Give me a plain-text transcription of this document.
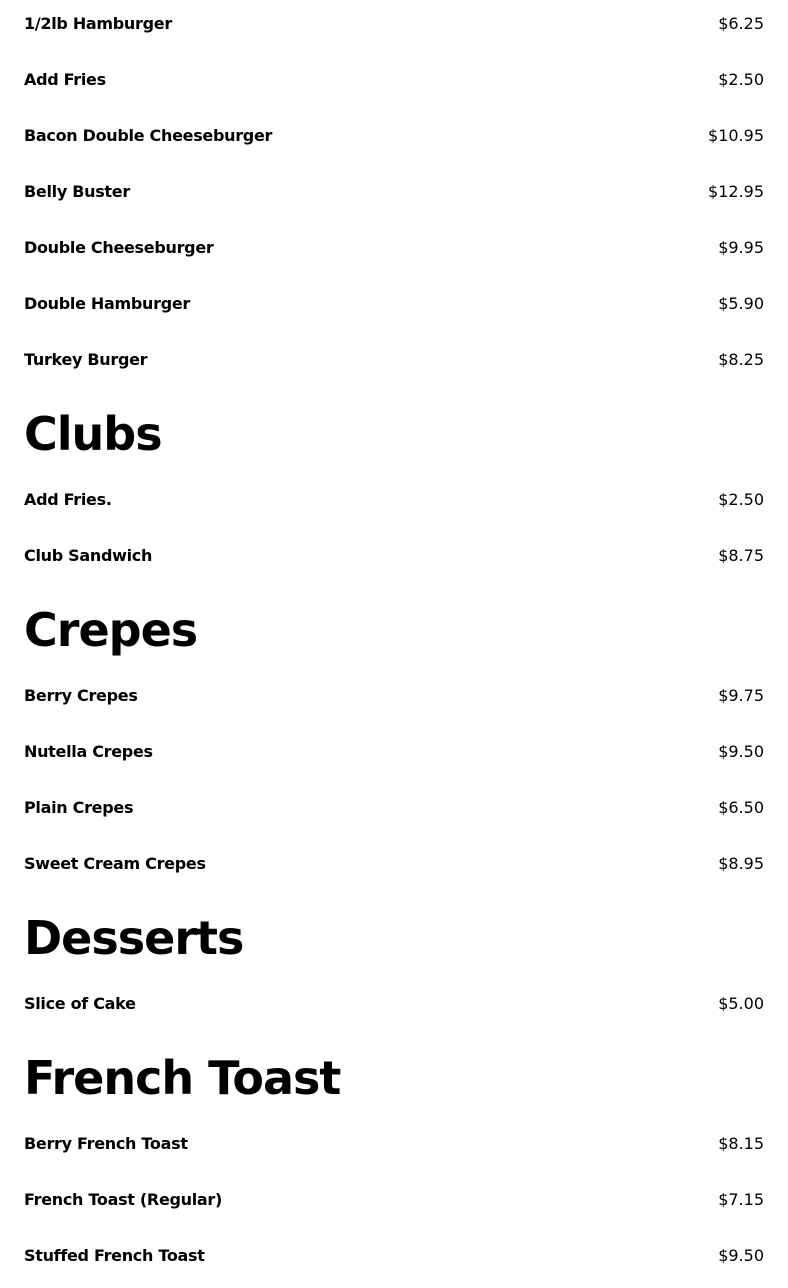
1/2lb Hamburger	$6.25
Add Fries	$2.50
Bacon Double Cheeseburger	$10.95
Belly Buster	$12.95
Double Cheeseburger	$9.95
Double Hamburger	$5.90
Turkey Burger	$8.25
Clubs
Add Fries.	$2.50
Club Sandwich	$8.75
Crepes
Berry Crepes	$9.75
Nutella Crepes	$9.50
Plain Crepes	$6.50
Sweet Cream Crepes	$8.95
Desserts
Slice of Cake	$5.00
French Toast
Berry French Toast	$8.15
French Toast (Regular)	$7.15
Stuffed French Toast	$9.50
